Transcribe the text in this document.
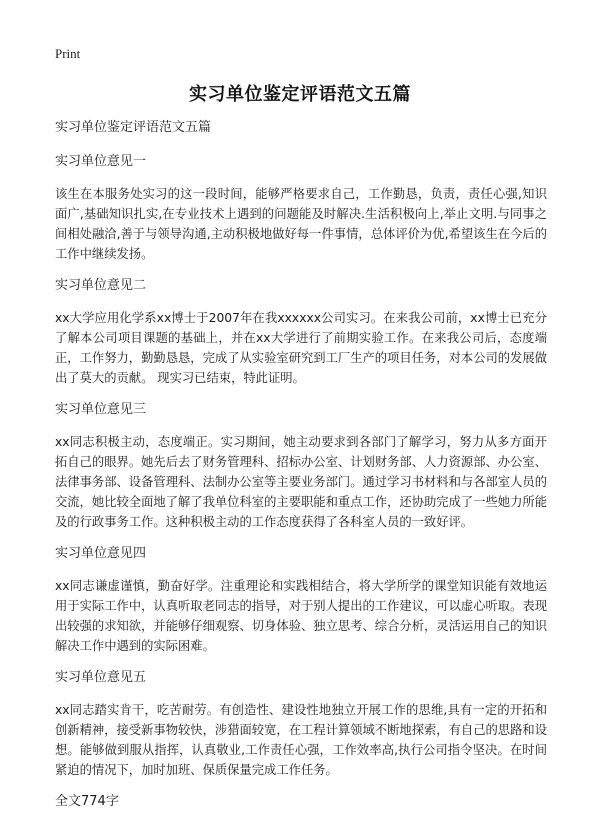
Print
实习单位鉴定评语范文五篇
实习单位鉴定评语范文五篇
实习单位意见一
该生在本服务处实习的这一段时间，能够严格要求自己，工作勤恳，负责，责任心强,知识面广,基础知识扎实,在专业技术上遇到的问题能及时解决.生活积极向上,举止文明.与同事之间相处融洽,善于与领导沟通,主动积极地做好每一件事情，总体评价为优,希望该生在今后的工作中继续发扬。
实习单位意见二
xx大学应用化学系xx博士于2007年在我xxxxxx公司实习。在来我公司前，xx博士已充分了解本公司项目课题的基础上，并在xx大学进行了前期实验工作。在来我公司后，态度端正，工作努力，勤勤恳恳，完成了从实验室研究到工厂生产的项目任务，对本公司的发展做出了莫大的贡献。 现实习已结束，特此证明。
实习单位意见三
xx同志积极主动，态度端正。实习期间，她主动要求到各部门了解学习，努力从多方面开拓自己的眼界。她先后去了财务管理科、招标办公室、计划财务部、人力资源部、办公室、法律事务部、设备管理科、法制办公室等主要业务部门。通过学习书材料和与各部室人员的交流，她比较全面地了解了我单位科室的主要职能和重点工作，还协助完成了一些她力所能及的行政事务工作。这种积极主动的工作态度获得了各科室人员的一致好评。
实习单位意见四
xx同志谦虚谨慎，勤奋好学。注重理论和实践相结合，将大学所学的课堂知识能有效地运用于实际工作中，认真听取老同志的指导，对于别人提出的工作建议，可以虚心听取。表现出较强的求知欲，并能够仔细观察、切身体验、独立思考、综合分析，灵活运用自己的知识解决工作中遇到的实际困难。
实习单位意见五
xx同志踏实肯干，吃苦耐劳。有创造性、建设性地独立开展工作的思维,具有一定的开拓和创新精神，接受新事物较快，涉猎面较宽，在工程计算领域不断地探索，有自己的思路和设想。能够做到服从指挥，认真敬业,工作责任心强，工作效率高,执行公司指令坚决。在时间紧迫的情况下，加时加班、保质保量完成工作任务。
全文774字
